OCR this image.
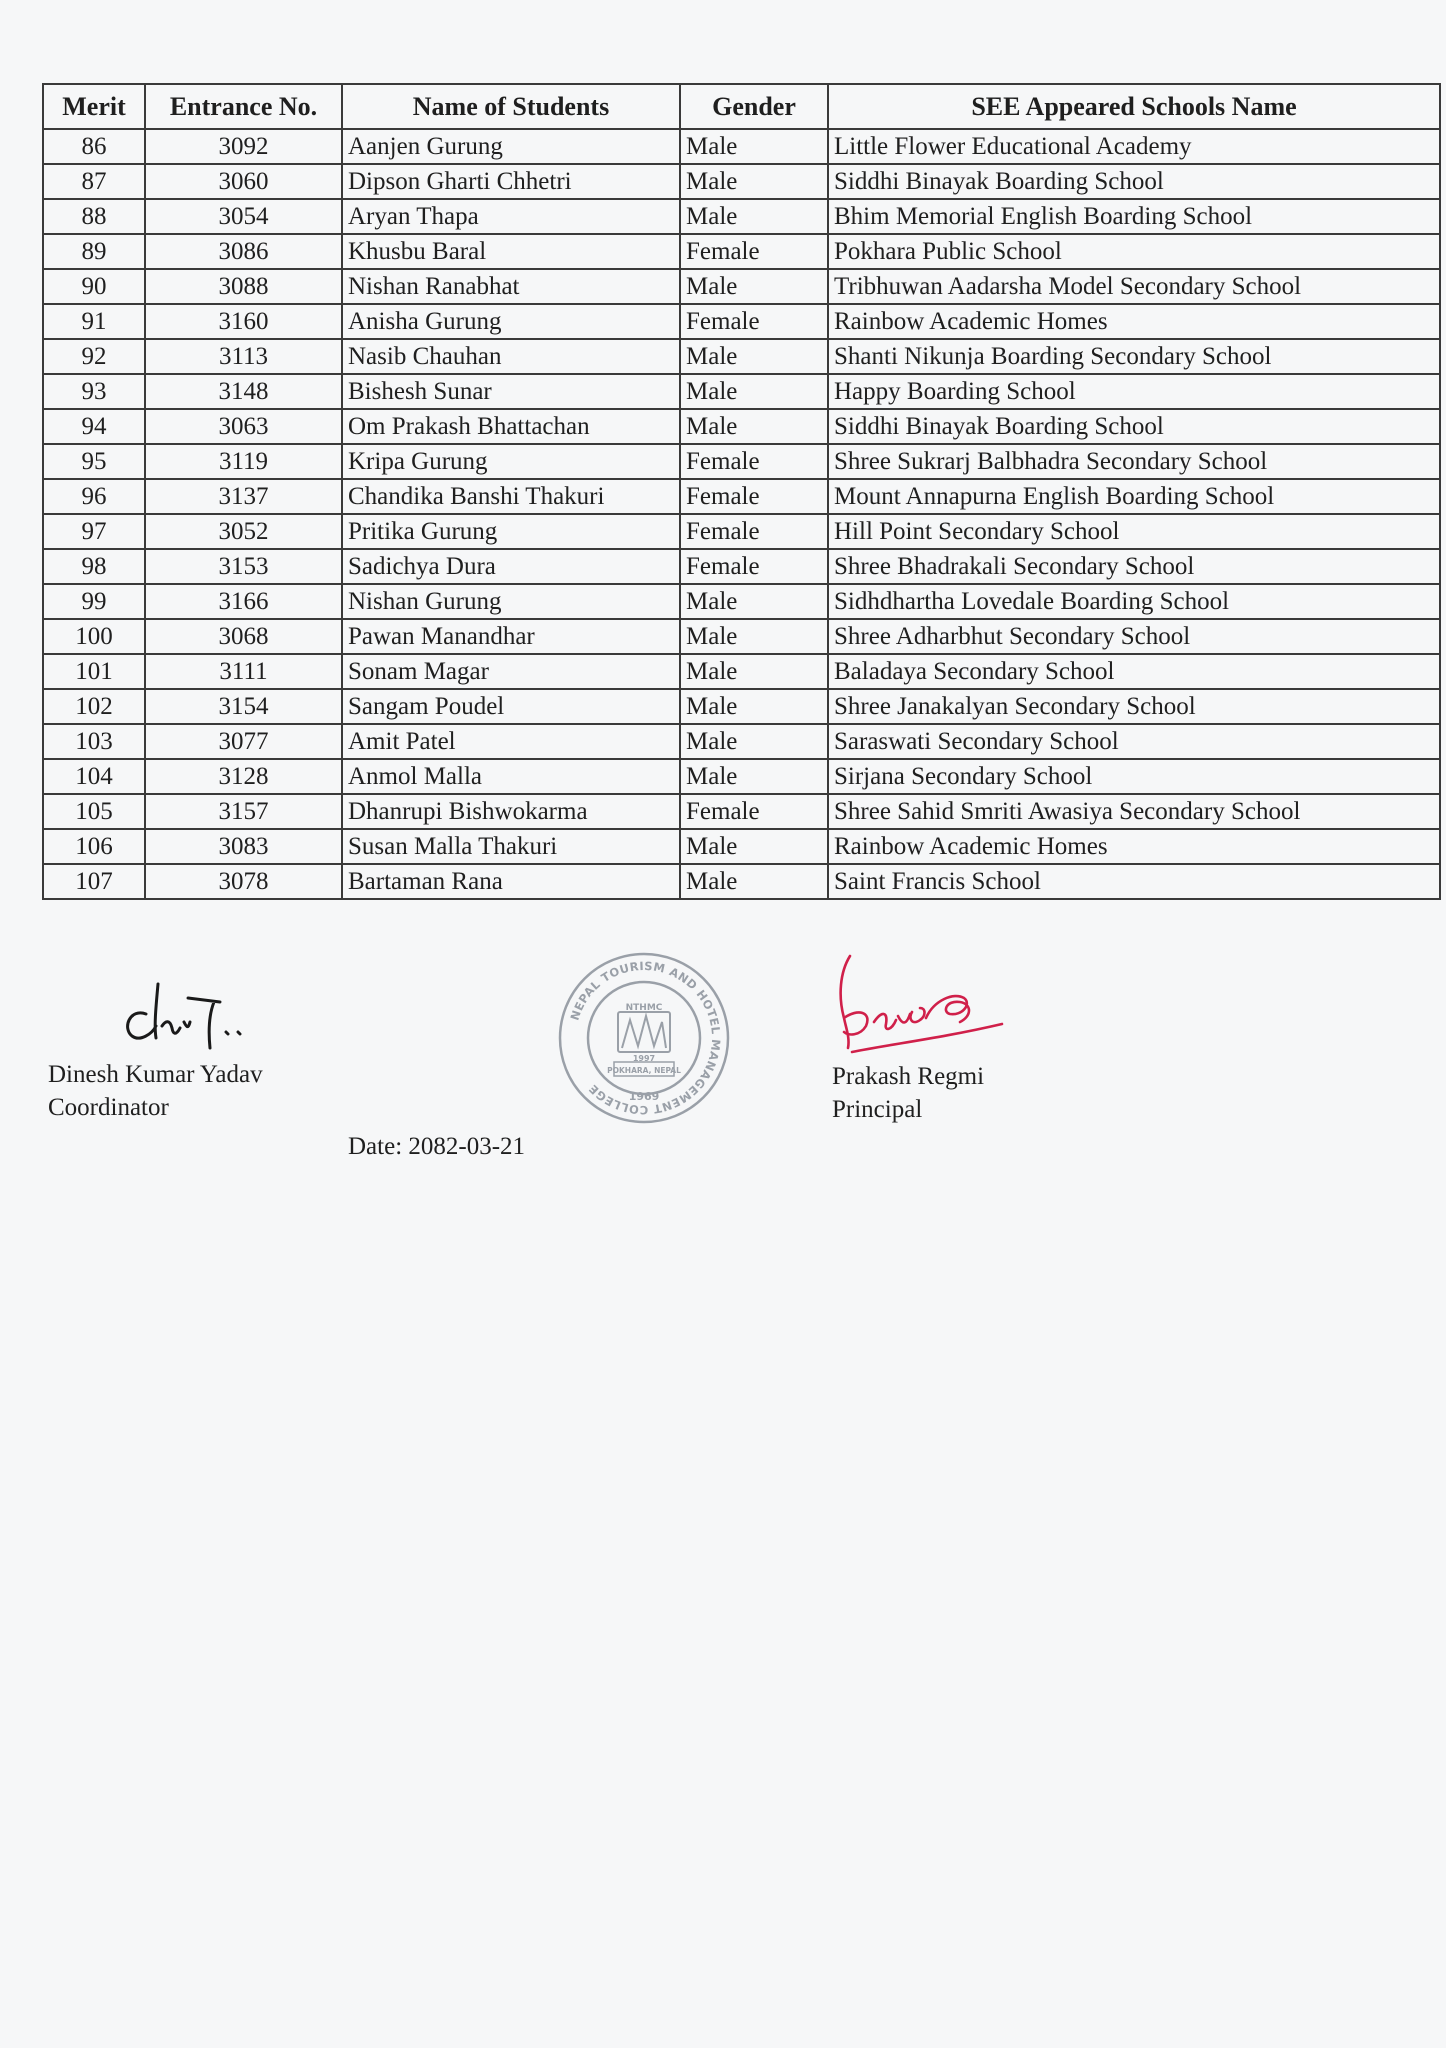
Merit	Entrance No.	Name of Students	Gender	SEE Appeared Schools Name
86	3092	Aanjen Gurung	Male	Little Flower Educational Academy
87	3060	Dipson Gharti Chhetri	Male	Siddhi Binayak Boarding School
88	3054	Aryan Thapa	Male	Bhim Memorial English Boarding School
89	3086	Khusbu Baral	Female	Pokhara Public School
90	3088	Nishan Ranabhat	Male	Tribhuwan Aadarsha Model Secondary School
91	3160	Anisha Gurung	Female	Rainbow Academic Homes
92	3113	Nasib Chauhan	Male	Shanti Nikunja Boarding Secondary School
93	3148	Bishesh Sunar	Male	Happy Boarding School
94	3063	Om Prakash Bhattachan	Male	Siddhi Binayak Boarding School
95	3119	Kripa Gurung	Female	Shree Sukrarj Balbhadra Secondary School
96	3137	Chandika Banshi Thakuri	Female	Mount Annapurna English Boarding School
97	3052	Pritika Gurung	Female	Hill Point Secondary School
98	3153	Sadichya Dura	Female	Shree Bhadrakali Secondary School
99	3166	Nishan Gurung	Male	Sidhdhartha Lovedale Boarding School
100	3068	Pawan Manandhar	Male	Shree Adharbhut Secondary School
101	3111	Sonam Magar	Male	Baladaya Secondary School
102	3154	Sangam Poudel	Male	Shree Janakalyan Secondary School
103	3077	Amit Patel	Male	Saraswati Secondary School
104	3128	Anmol Malla	Male	Sirjana Secondary School
105	3157	Dhanrupi Bishwokarma	Female	Shree Sahid Smriti Awasiya Secondary School
106	3083	Susan Malla Thakuri	Male	Rainbow Academic Homes
107	3078	Bartaman Rana	Male	Saint Francis School
Dinesh Kumar Yadav
Coordinator
NEPAL TOURISM AND HOTEL MANAGEMENT COLLEGE
NTHMC
1997
POKHARA, NEPAL
1969
Prakash Regmi
Principal
Date: 2082-03-21
